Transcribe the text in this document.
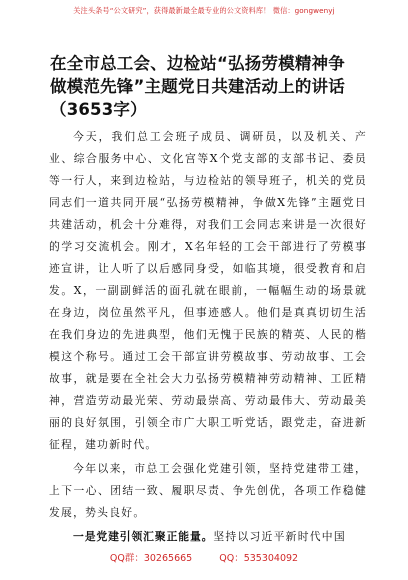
关注头条号“公文研究”，获得最新最全最专业的公文资料库！ 微信：gongwenyj
在全市总工会、边检站“弘扬劳模精神争
做模范先锋”主题党日共建活动上的讲话
（3653字）

今天，我们总工会班子成员、调研员，以及机关、产业、综合服务中心、文化宫等X个党支部的支部书记、委员等一行人，来到边检站，与边检站的领导班子，机关的党员同志们一道共同开展“弘扬劳模精神，争做X先锋”主题党日共建活动，机会十分难得，对我们工会同志来讲是一次很好的学习交流机会。刚才，X名年轻的工会干部进行了劳模事迹宣讲，让人听了以后感同身受，如临其境，很受教育和启发。X，一副副鲜活的面孔就在眼前，一幅幅生动的场景就在身边，岗位虽然平凡，但事迹感人。他们是真真切切生活在我们身边的先进典型，他们无愧于民族的精英、人民的楷模这个称号。通过工会干部宣讲劳模故事、劳动故事、工会故事，就是要在全社会大力弘扬劳模精神劳动精神、工匠精神，营造劳动最光荣、劳动最崇高、劳动最伟大、劳动最美丽的良好氛围，引领全市广大职工听党话，跟党走，奋进新征程，建功新时代。

今年以来，市总工会强化党建引领，坚持党建带工建，上下一心、团结一致、履职尽责、争先创优，各项工作稳健发展，势头良好。

一是党建引领汇聚正能量。坚持以习近平新时代中国

QQ群：30265665	QQ：535304092
